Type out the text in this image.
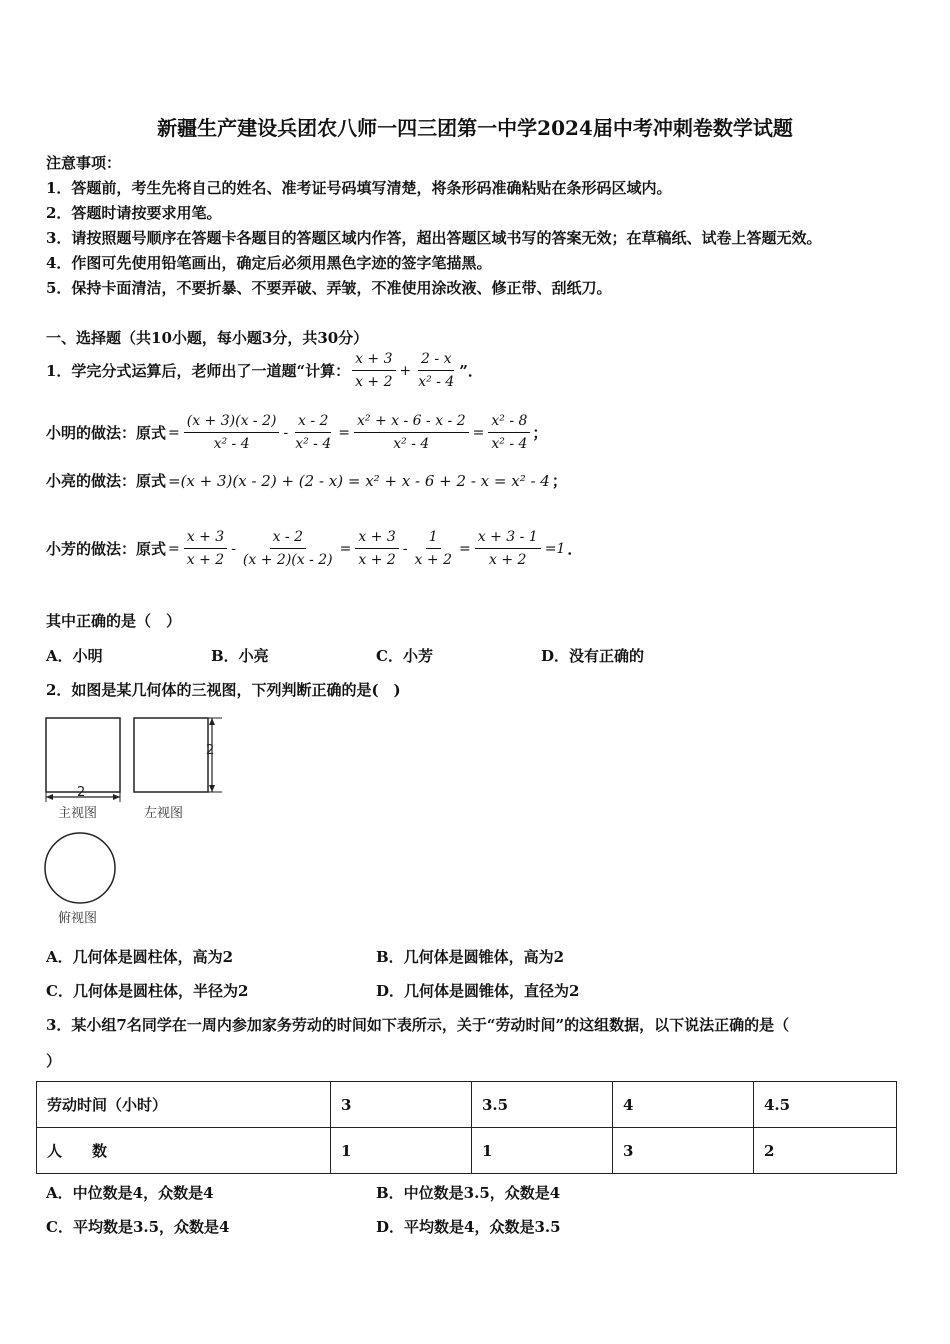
新疆生产建设兵团农八师一四三团第一中学2024届中考冲刺卷数学试题
注意事项：
1．答题前，考生先将自己的姓名、准考证号码填写清楚，将条形码准确粘贴在条形码区域内。
2．答题时请按要求用笔。
3．请按照题号顺序在答题卡各题目的答题区域内作答，超出答题区域书写的答案无效；在草稿纸、试卷上答题无效。
4．作图可先使用铅笔画出，确定后必须用黑色字迹的签字笔描黑。
5．保持卡面清洁，不要折暴、不要弄破、弄皱，不准使用涂改液、修正带、刮纸刀。
一、选择题（共10小题，每小题3分，共30分）
1．学完分式运算后，老师出了一道题“计算： $\frac{x + 3}{x + 2} + \frac{2 - x}{\text{x² - 4}}$ ”．
小明的做法：原式 = $\frac{(x + 3)(x - 2)}{\text{x² - 4}} - \frac{x - 2}{\text{x² - 4}} = \frac{\text{x² + x - 6 - x - 2}}{\text{x² - 4}} = \frac{\text{x² - 8}}{\text{x² - 4}}$ ；
小亮的做法：原式 =(x + 3)(x - 2) + (2 - x) = x² + x - 6 + 2 - x = x² - 4 ；
小芳的做法：原式 = $\frac{x + 3}{x + 2} - \frac{x - 2}{(x + 2)(x - 2)} = \frac{x + 3}{x + 2} - \frac{1}{x + 2} = \frac{x + 3 - 1}{x + 2} =1$ ．
其中正确的是（　）
A．小明	B．小亮	C．小芳	D．没有正确的
2．如图是某几何体的三视图，下列判断正确的是(　)
2
主视图
2
左视图
俯视图
A．几何体是圆柱体，高为2	B．几何体是圆锥体，高为2
C．几何体是圆柱体，半径为2	D．几何体是圆锥体，直径为2
3．某小组7名同学在一周内参加家务劳动的时间如下表所示，关于“劳动时间”的这组数据，以下说法正确的是（
）
劳动时间（小时）	3	3.5	4	4.5
人　　数	1	1	3	2
A．中位数是4，众数是4	B．中位数是3.5，众数是4
C．平均数是3.5，众数是4	D．平均数是4，众数是3.5
